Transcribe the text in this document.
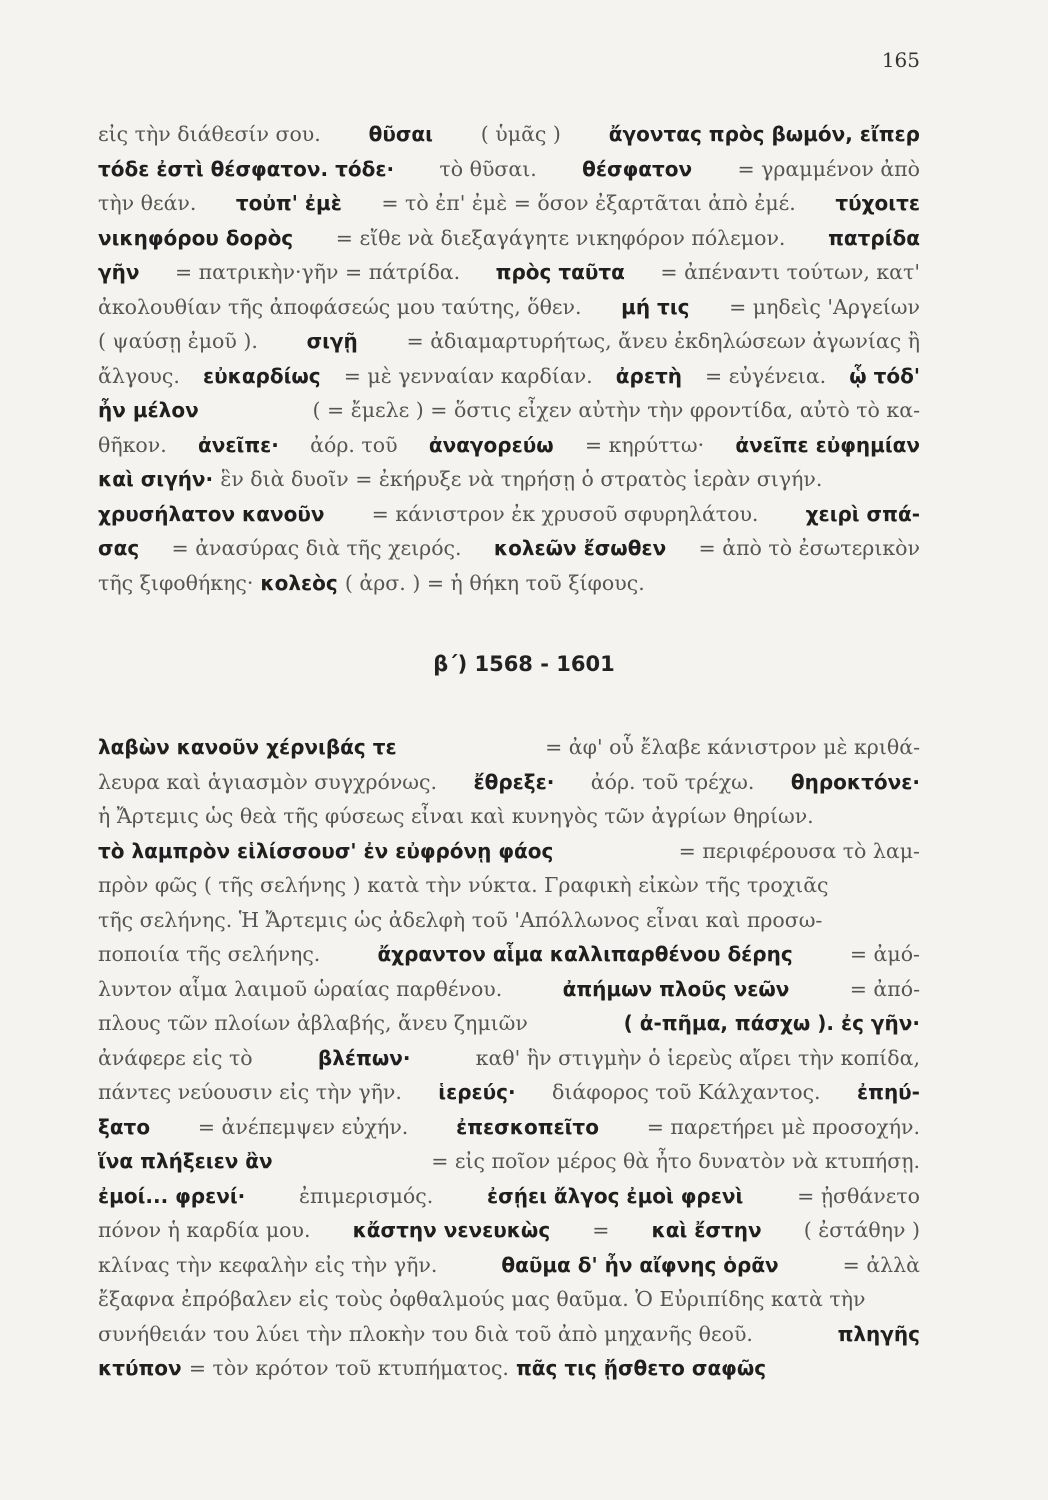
165
εἰς τὴν διάθεσίν σου. θῦσαι ( ὑμᾶς ) ἄγοντας πρὸς βωμόν, εἴπερ
τόδε ἐστὶ θέσφατον. τόδε· τὸ θῦσαι. θέσφατον = γραμμένον ἀπὸ
τὴν θεάν. τοὐπ' ἐμὲ = τὸ ἐπ' ἐμὲ = ὅσον ἐξαρτᾶται ἀπὸ ἐμέ. τύχοιτε
νικηφόρου δορὸς = εἴθε νὰ διεξαγάγητε νικηφόρον πόλεμον. πατρίδα
γῆν = πατρικὴν·γῆν = πάτρίδα. πρὸς ταῦτα = ἀπέναντι τούτων, κατ'
ἀκολουθίαν τῆς ἀποφάσεώς μου ταύτης, ὅθεν. μή τις = μηδεὶς 'Αργείων
( ψαύσῃ ἐμοῦ ). σιγῇ = ἀδιαμαρτυρήτως, ἄνευ ἐκδηλώσεων ἀγωνίας ἢ
ἄλγους. εὐκαρδίως = μὲ γενναίαν καρδίαν. ἀρετὴ = εὐγένεια. ᾧ τόδ'
ἦν μέλον	( = ἔμελε ) = ὅστις εἶχεν αὐτὴν τὴν φροντίδα, αὐτὸ τὸ κα-
θῆκον. ἀνεῖπε· ἀόρ. τοῦ ἀναγορεύω = κηρύττω· ἀνεῖπε εὐφημίαν
καὶ σιγήν· ἓν διὰ δυοῖν = ἐκήρυξε νὰ τηρήσῃ ὁ στρατὸς ἱερὰν σιγήν.
χρυσήλατον κανοῦν = κάνιστρον ἐκ χρυσοῦ σφυρηλάτου. χειρὶ σπά-
σας = ἀνασύρας διὰ τῆς χειρός. κολεῶν ἔσωθεν = ἀπὸ τὸ ἐσωτερικὸν
τῆς ξιφοθήκης· κολεὸς ( ἀρσ. ) = ἡ θήκη τοῦ ξίφους.
β΄) 1568 - 1601
λαβὼν κανοῦν χέρνιβάς τε	= ἀφ' οὗ ἔλαβε κάνιστρον μὲ κριθά-
λευρα καὶ ἁγιασμὸν συγχρόνως. ἔθρεξε· ἀόρ. τοῦ τρέχω. θηροκτόνε·
ἡ Ἄρτεμις ὡς θεὰ τῆς φύσεως εἶναι καὶ κυνηγὸς τῶν ἀγρίων θηρίων.
τὸ λαμπρὸν εἱλίσσουσ' ἐν εὐφρόνῃ φάος	= περιφέρουσα τὸ λαμ-
πρὸν φῶς ( τῆς σελήνης ) κατὰ τὴν νύκτα. Γραφικὴ εἰκὼν τῆς τροχιᾶς
τῆς σελήνης. Ἡ Ἄρτεμις ὡς ἀδελφὴ τοῦ 'Απόλλωνος εἶναι καὶ προσω-
ποποιία τῆς σελήνης.	ἄχραντον αἷμα καλλιπαρθένου δέρης	= ἀμό-
λυντον αἷμα λαιμοῦ ὡραίας παρθένου.	ἀπήμων πλοῦς νεῶν	= ἀπό-
πλους τῶν πλοίων ἀβλαβής, ἄνευ ζημιῶν	( ἀ-πῆμα, πάσχω ). ἐς γῆν·
ἀνάφερε εἰς τὸ	βλέπων·	καθ' ἣν στιγμὴν ὁ ἱερεὺς αἴρει τὴν κοπίδα,
πάντες νεύουσιν εἰς τὴν γῆν. ἱερεύς· διάφορος τοῦ Κάλχαντος. ἐπηύ-
ξατο = ἀνέπεμψεν εὐχήν. ἐπεσκοπεῖτο = παρετήρει μὲ προσοχήν.
ἵνα πλήξειεν ἂν	= εἰς ποῖον μέρος θὰ ἦτο δυνατὸν νὰ κτυπήσῃ.
ἐμοί... φρενί·	ἐπιμερισμός.	ἐσῄει ἄλγος ἐμοὶ φρενὶ	= ᾐσθάνετο
πόνον ἡ καρδία μου. κἄστην νενευκὼς = καὶ ἔστην ( ἐστάθην )
κλίνας τὴν κεφαλὴν εἰς τὴν γῆν.	θαῦμα δ' ἦν αἴφνης ὁρᾶν	= ἀλλὰ
ἔξαφνα ἐπρόβαλεν εἰς τοὺς ὀφθαλμούς μας θαῦμα. Ὁ Εὐριπίδης κατὰ τὴν
συνήθειάν του λύει τὴν πλοκὴν του διὰ τοῦ ἀπὸ μηχανῆς θεοῦ.	πληγῆς
κτύπον = τὸν κρότον τοῦ κτυπήματος. πᾶς τις ᾔσθετο σαφῶς
